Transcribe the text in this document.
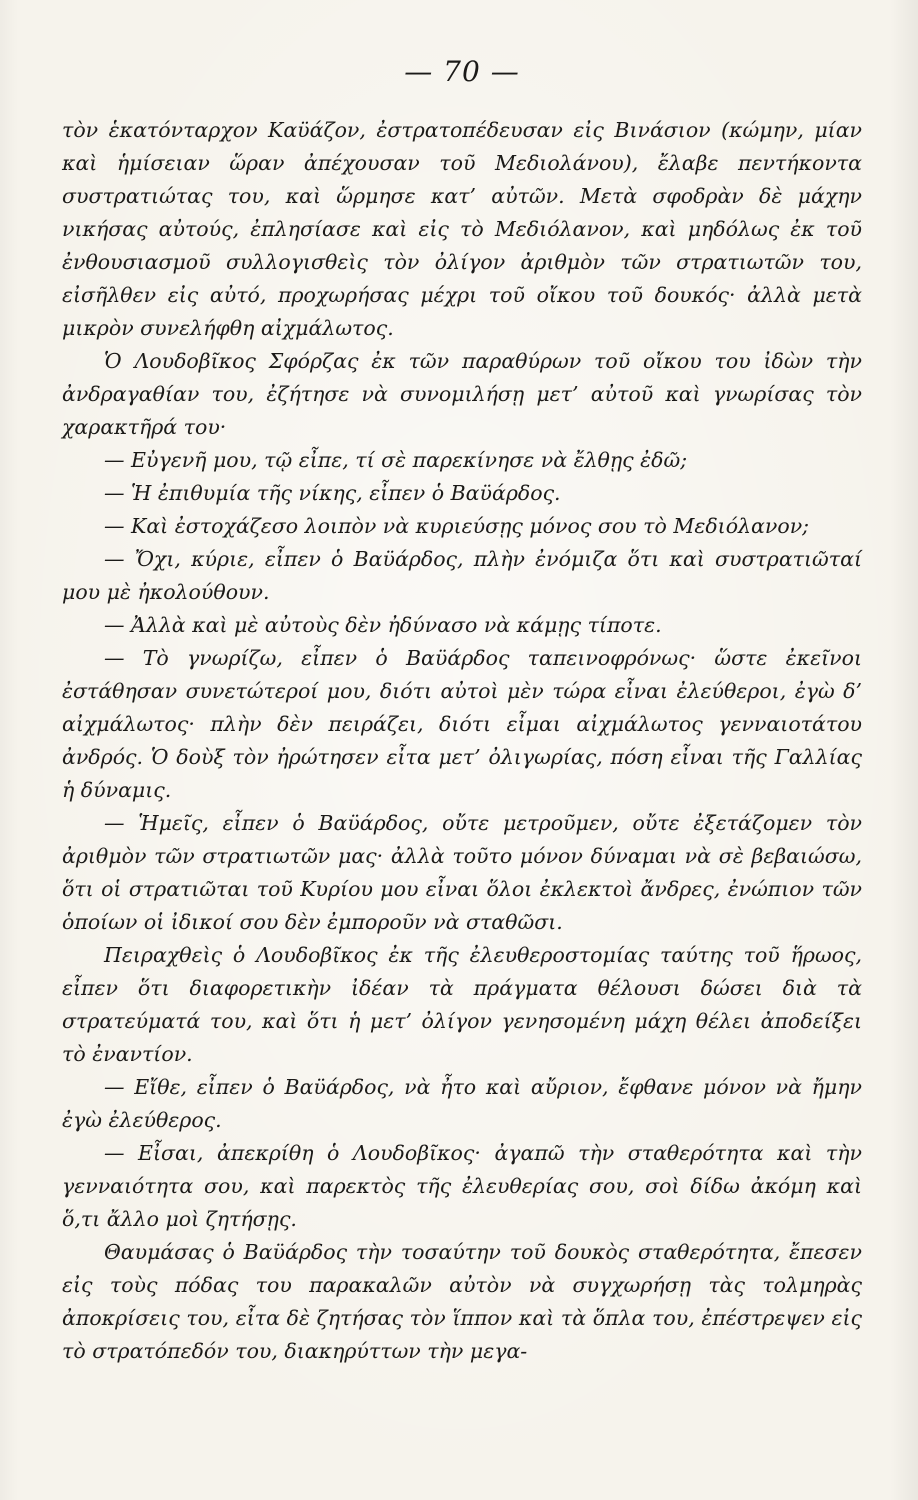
— 70 —

τὸν ἑκατόνταρχον Καϋάζον, ἐστρατοπέδευσαν εἰς Βινάσιον (κώμην, μίαν καὶ ἡμίσειαν ὥραν ἀπέχουσαν τοῦ Μεδιολάνου), ἔλαβε πεντήκοντα συστρατιώτας του, καὶ ὥρμησε κατ’ αὐτῶν. Μετὰ σφοδρὰν δὲ μάχην νικήσας αὐτούς, ἐπλησίασε καὶ εἰς τὸ Μεδιόλανον, καὶ μηδόλως ἐκ τοῦ ἐνθουσιασμοῦ συλλογισθεὶς τὸν ὀλίγον ἀριθμὸν τῶν στρατιωτῶν του, εἰσῆλθεν εἰς αὐτό, προχωρήσας μέχρι τοῦ οἴκου τοῦ δουκός· ἀλλὰ μετὰ μικρὸν συνελήφθη αἰχμάλωτος.

Ὁ Λουδοβῖκος Σφόρζας ἐκ τῶν παραθύρων τοῦ οἴκου του ἰδὼν τὴν ἀνδραγαθίαν του, ἐζήτησε νὰ συνομιλήσῃ μετ’ αὐτοῦ καὶ γνωρίσας τὸν χαρακτῆρά του·

— Εὐγενῆ μου, τῷ εἶπε, τί σὲ παρεκίνησε νὰ ἔλθῃς ἐδῶ;

— Ἡ ἐπιθυμία τῆς νίκης, εἶπεν ὁ Βαϋάρδος.

— Καὶ ἐστοχάζεσο λοιπὸν νὰ κυριεύσῃς μόνος σου τὸ Μεδιόλανον;

— Ὄχι, κύριε, εἶπεν ὁ Βαϋάρδος, πλὴν ἐνόμιζα ὅτι καὶ συστρατιῶταί μου μὲ ἠκολούθουν.

— Ἀλλὰ καὶ μὲ αὐτοὺς δὲν ἠδύνασο νὰ κάμῃς τίποτε.

— Τὸ γνωρίζω, εἶπεν ὁ Βαϋάρδος ταπεινοφρόνως· ὥστε ἐκεῖνοι ἐστάθησαν συνετώτεροί μου, διότι αὐτοὶ μὲν τώρα εἶναι ἐλεύθεροι, ἐγὼ δ’ αἰχμάλωτος· πλὴν δὲν πειράζει, διότι εἶμαι αἰχμάλωτος γενναιοτάτου ἀνδρός. Ὁ δοὺξ τὸν ἠρώτησεν εἶτα μετ’ ὀλιγωρίας, πόση εἶναι τῆς Γαλλίας ἡ δύναμις.

— Ἡμεῖς, εἶπεν ὁ Βαϋάρδος, οὔτε μετροῦμεν, οὔτε ἐξετάζομεν τὸν ἀριθμὸν τῶν στρατιωτῶν μας· ἀλλὰ τοῦτο μόνον δύναμαι νὰ σὲ βεβαιώσω, ὅτι οἱ στρατιῶται τοῦ Κυρίου μου εἶναι ὅλοι ἐκλεκτοὶ ἄνδρες, ἐνώπιον τῶν ὁποίων οἱ ἰδικοί σου δὲν ἐμποροῦν νὰ σταθῶσι.

Πειραχθεὶς ὁ Λουδοβῖκος ἐκ τῆς ἐλευθεροστομίας ταύτης τοῦ ἥρωος, εἶπεν ὅτι διαφορετικὴν ἰδέαν τὰ πράγματα θέλουσι δώσει διὰ τὰ στρατεύματά του, καὶ ὅτι ἡ μετ’ ὀλίγον γενησομένη μάχη θέλει ἀποδείξει τὸ ἐναντίον.

— Εἴθε, εἶπεν ὁ Βαϋάρδος, νὰ ἦτο καὶ αὔριον, ἔφθανε μόνον νὰ ἤμην ἐγὼ ἐλεύθερος.

— Εἶσαι, ἀπεκρίθη ὁ Λουδοβῖκος· ἀγαπῶ τὴν σταθερότητα καὶ τὴν γενναιότητα σου, καὶ παρεκτὸς τῆς ἐλευθερίας σου, σοὶ δίδω ἀκόμη καὶ ὅ,τι ἄλλο μοὶ ζητήσῃς.

Θαυμάσας ὁ Βαϋάρδος τὴν τοσαύτην τοῦ δουκὸς σταθερότητα, ἔπεσεν εἰς τοὺς πόδας του παρακαλῶν αὐτὸν νὰ συγχωρήσῃ τὰς τολμηρὰς ἀποκρίσεις του, εἶτα δὲ ζητήσας τὸν ἵππον καὶ τὰ ὅπλα του, ἐπέστρεψεν εἰς τὸ στρατόπεδόν του, διακηρύττων τὴν μεγα-
